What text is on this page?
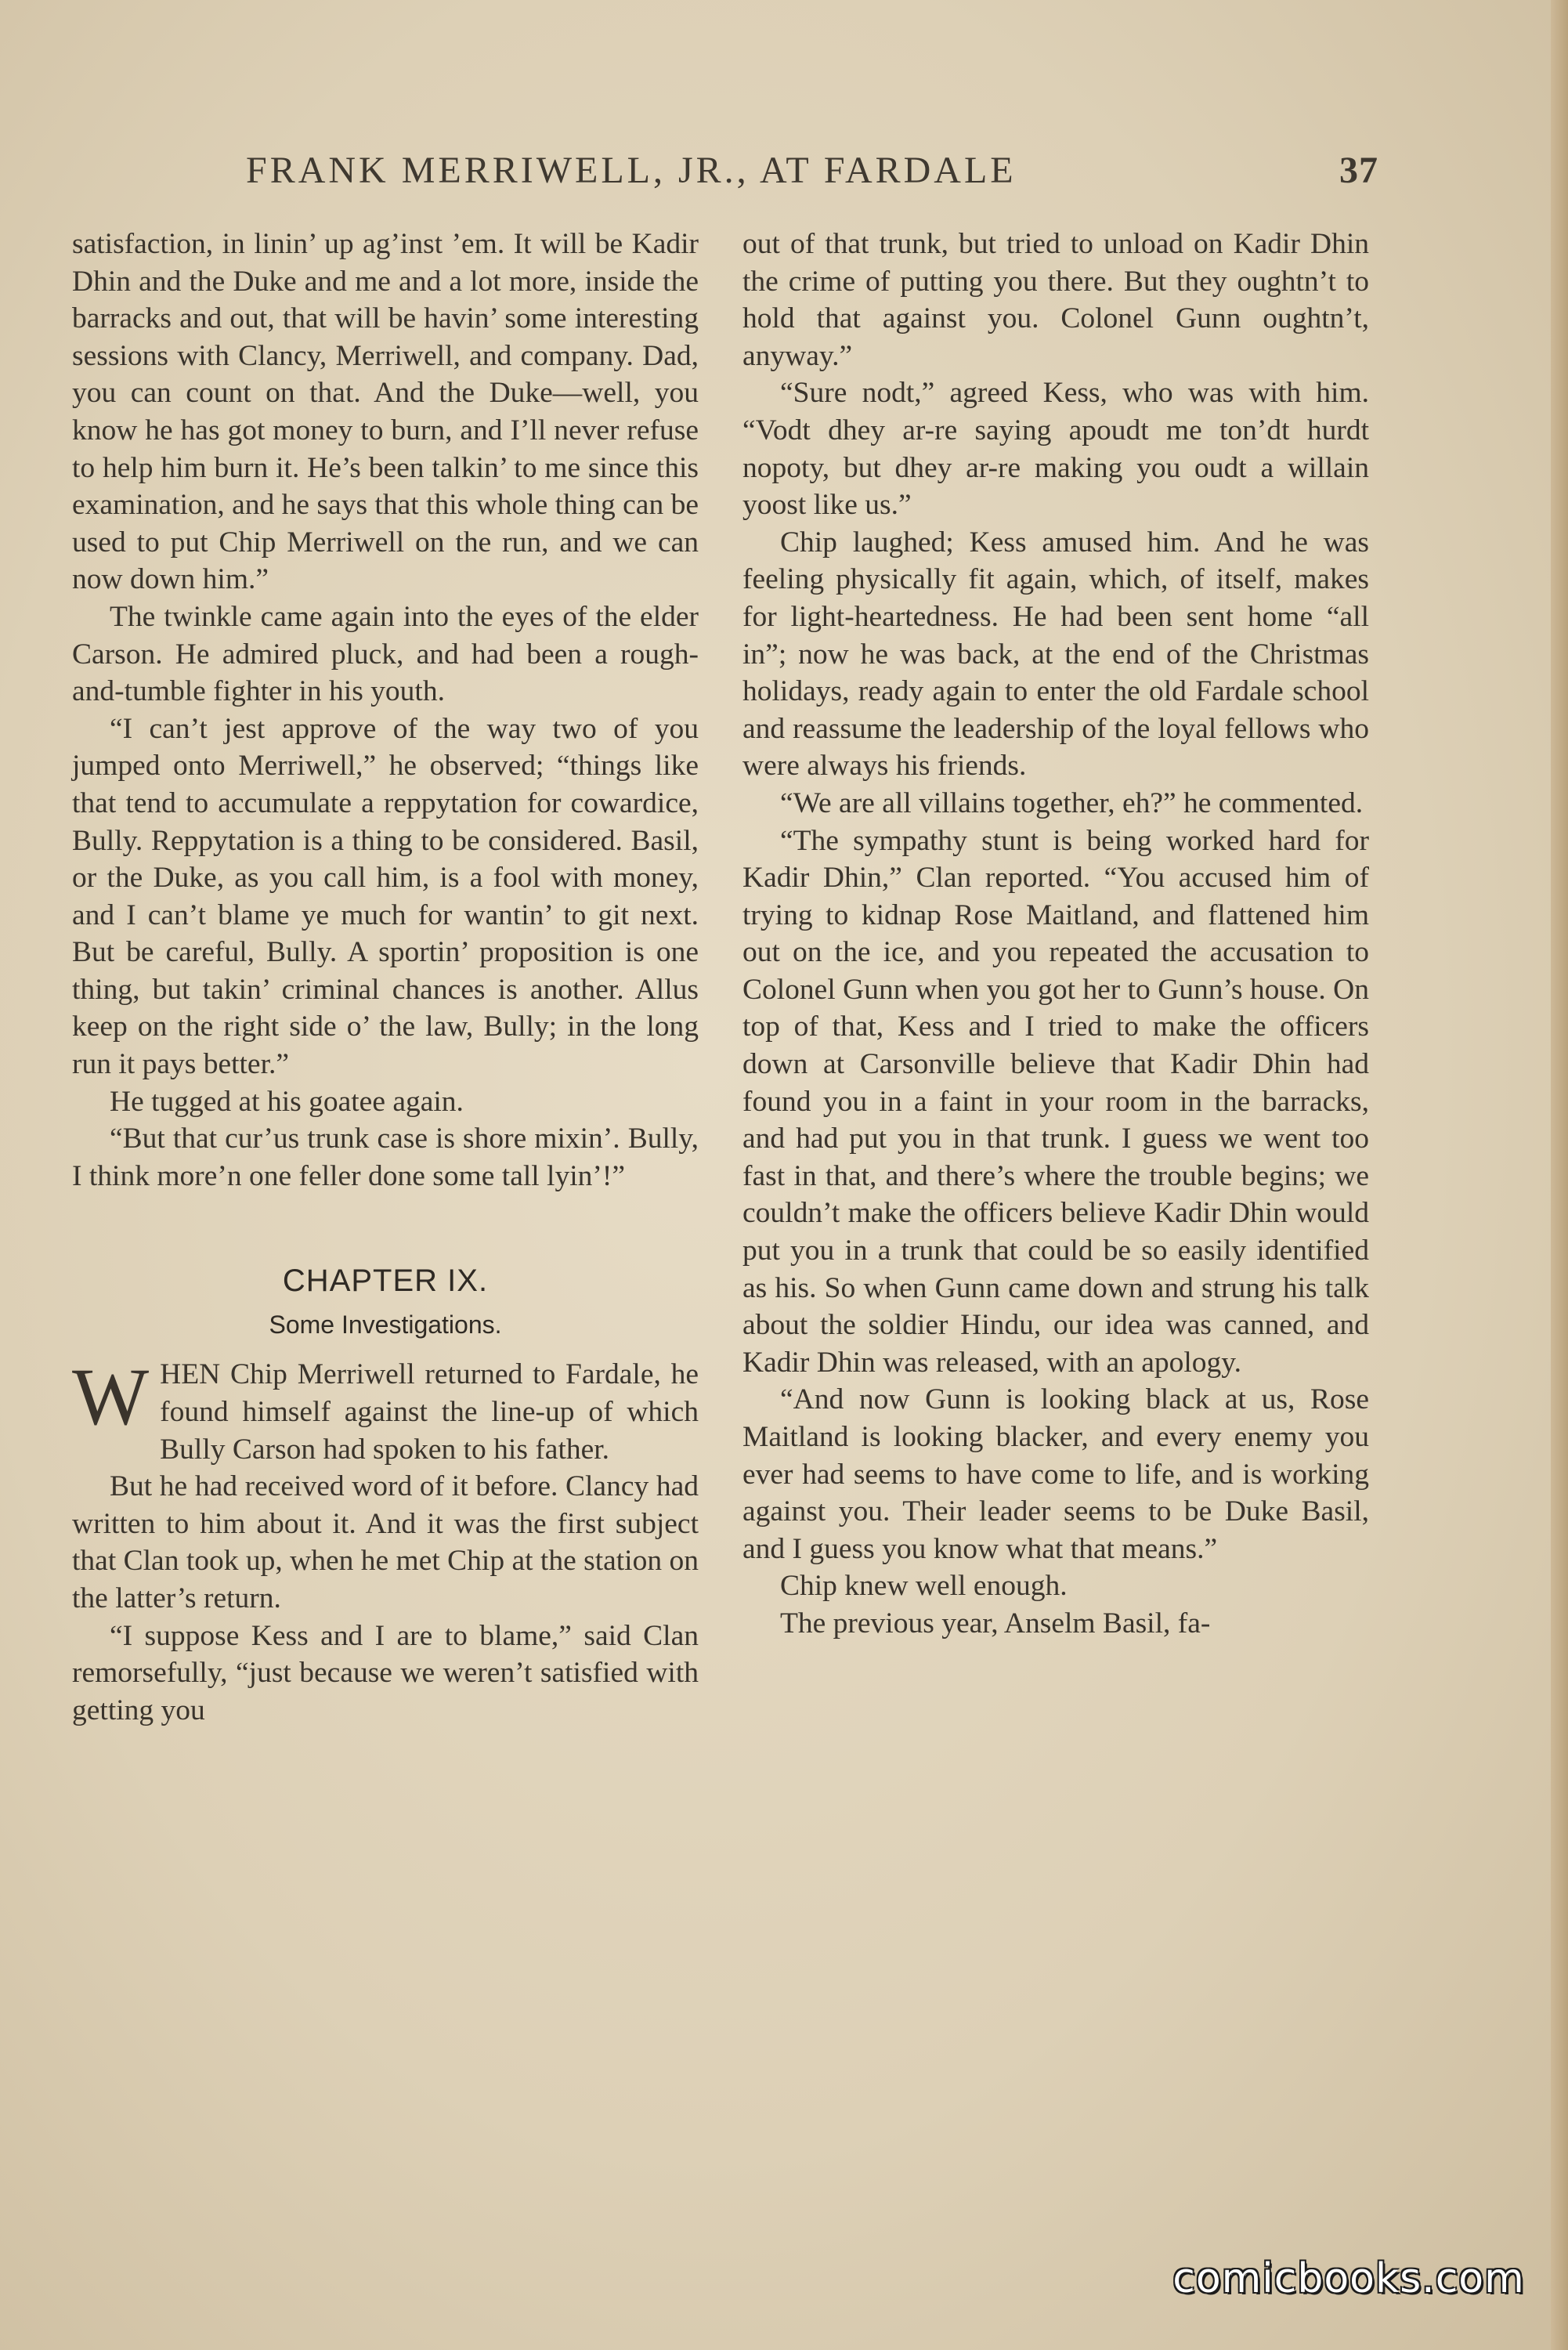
FRANK MERRIWELL, JR., AT FARDALE	37

satisfaction, in linin’ up ag’inst ’em. It will be Kadir Dhin and the Duke and me and a lot more, inside the barracks and out, that will be havin’ some interesting sessions with Clancy, Merriwell, and company. Dad, you can count on that. And the Duke—well, you know he has got money to burn, and I’ll never refuse to help him burn it. He’s been talkin’ to me since this examination, and he says that this whole thing can be used to put Chip Merriwell on the run, and we can now down him.”

The twinkle came again into the eyes of the elder Carson. He admired pluck, and had been a rough-and-tumble fighter in his youth.

“I can’t jest approve of the way two of you jumped onto Merriwell,” he observed; “things like that tend to accumulate a reppytation for cowardice, Bully. Reppytation is a thing to be considered. Basil, or the Duke, as you call him, is a fool with money, and I can’t blame ye much for wantin’ to git next. But be careful, Bully. A sportin’ proposition is one thing, but takin’ criminal chances is another. Allus keep on the right side o’ the law, Bully; in the long run it pays better.”

He tugged at his goatee again.

“But that cur’us trunk case is shore mixin’. Bully, I think more’n one feller done some tall lyin’!”

CHAPTER IX.
Some Investigations.

WHEN Chip Merriwell returned to Fardale, he found himself against the line-up of which Bully Carson had spoken to his father.

But he had received word of it before. Clancy had written to him about it. And it was the first subject that Clan took up, when he met Chip at the station on the latter’s return.

“I suppose Kess and I are to blame,” said Clan remorsefully, “just because we weren’t satisfied with getting you

out of that trunk, but tried to unload on Kadir Dhin the crime of putting you there. But they oughtn’t to hold that against you. Colonel Gunn oughtn’t, anyway.”

“Sure nodt,” agreed Kess, who was with him. “Vodt dhey ar-re saying apoudt me ton’dt hurdt nopoty, but dhey ar-re making you oudt a willain yoost like us.”

Chip laughed; Kess amused him. And he was feeling physically fit again, which, of itself, makes for light-heartedness. He had been sent home “all in”; now he was back, at the end of the Christmas holidays, ready again to enter the old Fardale school and reassume the leadership of the loyal fellows who were always his friends.

“We are all villains together, eh?” he commented.

“The sympathy stunt is being worked hard for Kadir Dhin,” Clan reported. “You accused him of trying to kidnap Rose Maitland, and flattened him out on the ice, and you repeated the accusation to Colonel Gunn when you got her to Gunn’s house. On top of that, Kess and I tried to make the officers down at Carsonville believe that Kadir Dhin had found you in a faint in your room in the barracks, and had put you in that trunk. I guess we went too fast in that, and there’s where the trouble begins; we couldn’t make the officers believe Kadir Dhin would put you in a trunk that could be so easily identified as his. So when Gunn came down and strung his talk about the soldier Hindu, our idea was canned, and Kadir Dhin was released, with an apology.

“And now Gunn is looking black at us, Rose Maitland is looking blacker, and every enemy you ever had seems to have come to life, and is working against you. Their leader seems to be Duke Basil, and I guess you know what that means.”

Chip knew well enough.

The previous year, Anselm Basil, fa-

comicbooks.com
